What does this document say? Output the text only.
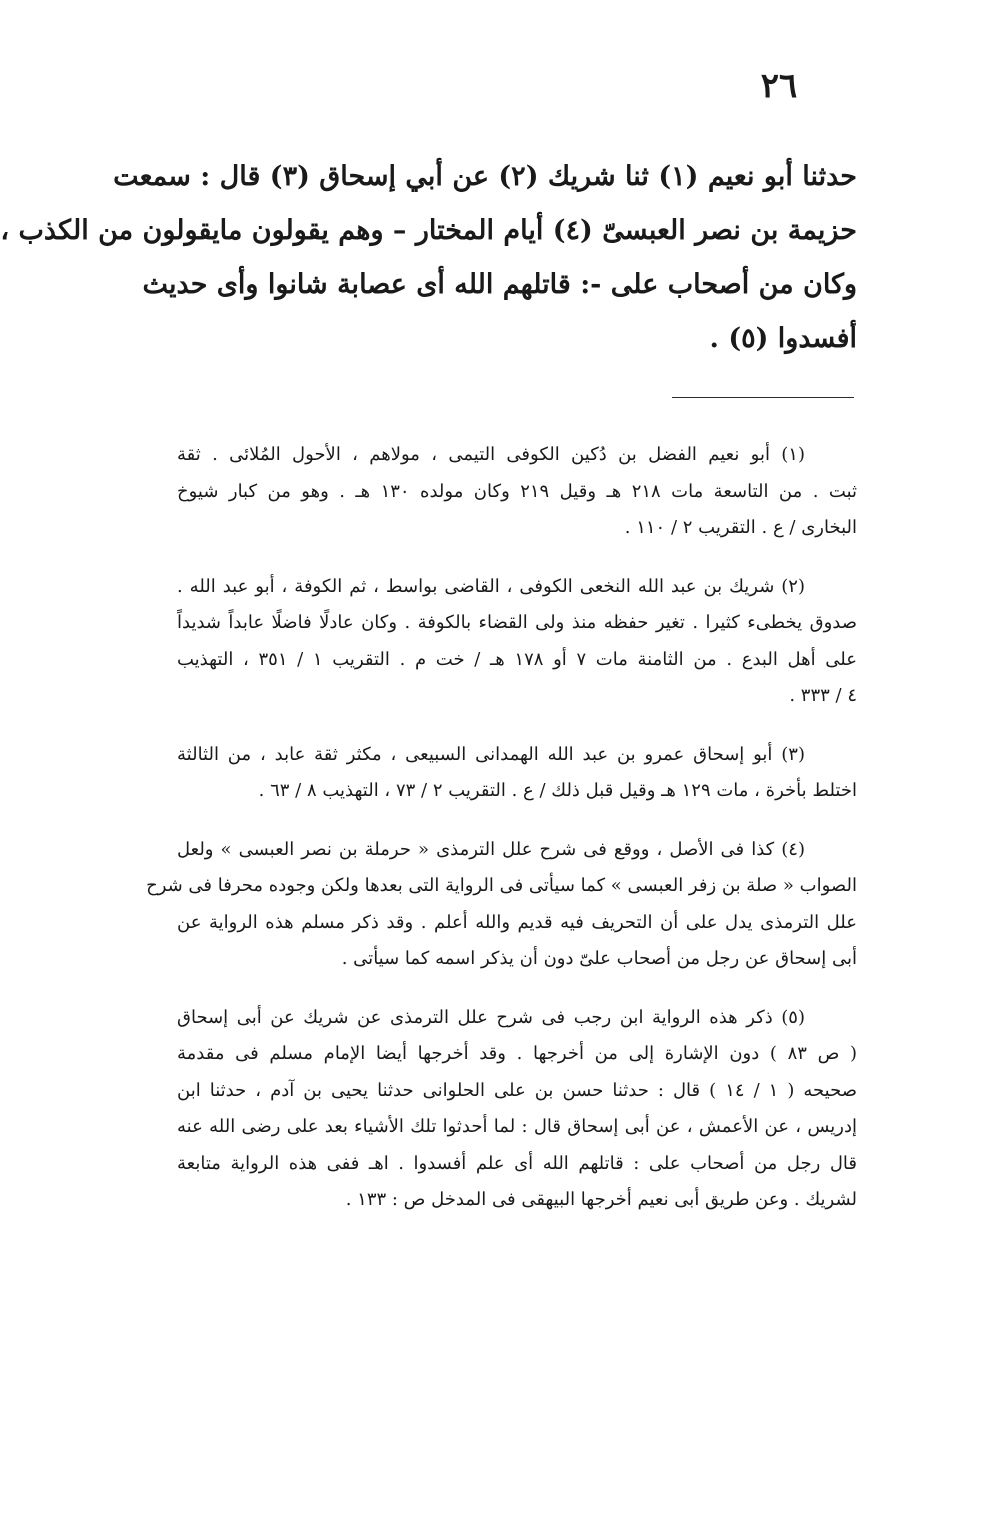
٢٦
حدثنا أبو نعيم (١) ثنا شريك (٢) عن أبي إسحاق (٣) قال : سمعت
حزيمة بن نصر العبسىّ (٤) أيام المختار – وهم يقولون مايقولون من الكذب ،
وكان من أصحاب على -: قاتلهم الله أى عصابة شانوا وأى حديث
أفسدوا (٥) .
(١) أبو نعيم الفضل بن دُكين الكوفى التيمى ، مولاهم ، الأحول المُلائى . ثقة
ثبت . من التاسعة مات ٢١٨ هـ وقيل ٢١٩ وكان مولده ١٣٠ هـ . وهو من كبار شيوخ
البخارى / ع . التقريب ٢ / ١١٠ .
(٢) شريك بن عبد الله النخعى الكوفى ، القاضى بواسط ، ثم الكوفة ، أبو عبد الله .
صدوق يخطىء كثيرا . تغير حفظه منذ ولى القضاء بالكوفة . وكان عادلًا فاضلًا عابداً شديداً
على أهل البدع . من الثامنة مات ٧ أو ١٧٨ هـ / خت م . التقريب ١ / ٣٥١ ، التهذيب
٤ / ٣٣٣ .
(٣) أبو إسحاق عمرو بن عبد الله الهمدانى السبيعى ، مكثر ثقة عابد ، من الثالثة
اختلط بأخرة ، مات ١٢٩ هـ وقيل قبل ذلك / ع . التقريب ٢ / ٧٣ ، التهذيب ٨ / ٦٣ .
(٤) كذا فى الأصل ، ووقع فى شرح علل الترمذى « حرملة بن نصر العبسى » ولعل
الصواب « صلة بن زفر العبسى » كما سيأتى فى الرواية التى بعدها ولكن وجوده محرفا فى شرح
علل الترمذى يدل على أن التحريف فيه قديم والله أعلم . وقد ذكر مسلم هذه الرواية عن
أبى إسحاق عن رجل من أصحاب علىّ دون أن يذكر اسمه كما سيأتى .
(٥) ذكر هذه الرواية ابن رجب فى شرح علل الترمذى عن شريك عن أبى إسحاق
( ص ٨٣ ) دون الإشارة إلى من أخرجها . وقد أخرجها أيضا الإمام مسلم فى مقدمة
صحيحه ( ١ / ١٤ ) قال : حدثنا حسن بن على الحلوانى حدثنا يحيى بن آدم ، حدثنا ابن
إدريس ، عن الأعمش ، عن أبى إسحاق قال : لما أحدثوا تلك الأشياء بعد على رضى الله عنه
قال رجل من أصحاب على : قاتلهم الله أى علم أفسدوا . اهـ ففى هذه الرواية متابعة
لشريك . وعن طريق أبى نعيم أخرجها البيهقى فى المدخل ص : ١٣٣ .
